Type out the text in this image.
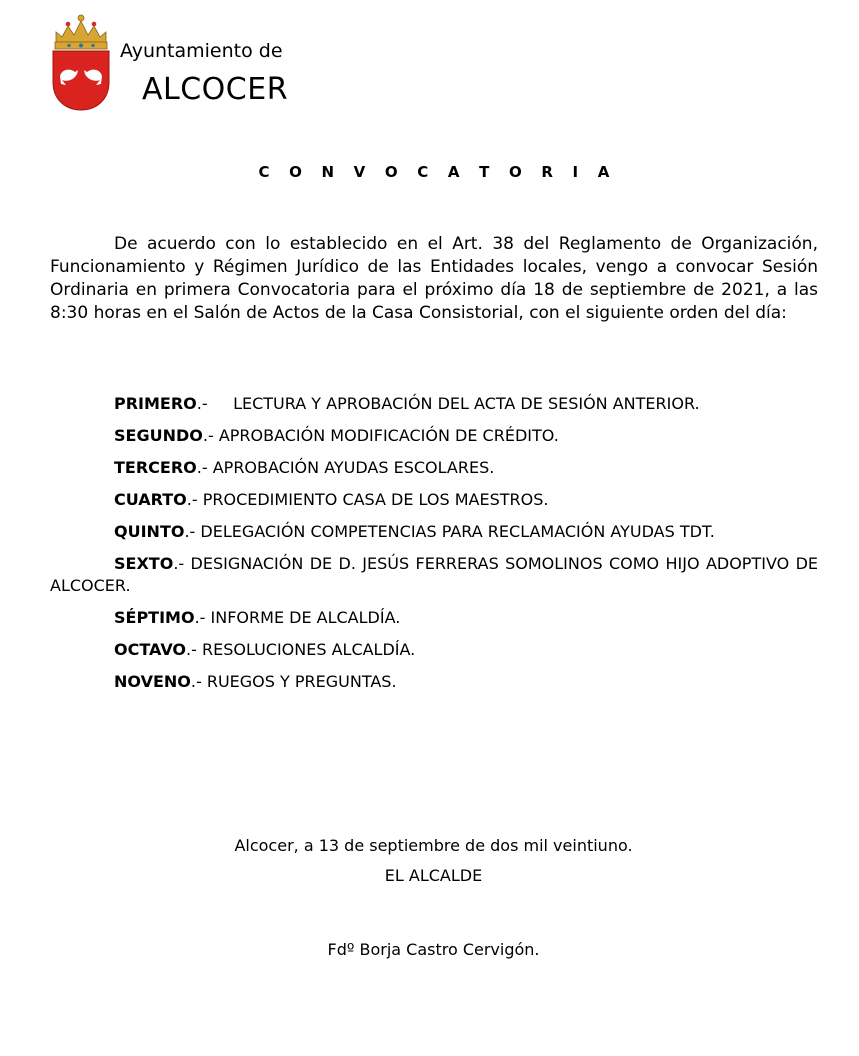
Ayuntamiento de
ALCOCER
C O N V O C A T O R I A
De acuerdo con lo establecido en el Art. 38 del Reglamento de Organización, Funcionamiento y Régimen Jurídico de las Entidades locales, vengo a convocar Sesión Ordinaria en primera Convocatoria para el próximo día 18 de septiembre de 2021, a las 8:30 horas en el Salón de Actos de la Casa Consistorial, con el siguiente orden del día:
PRIMERO.- LECTURA Y APROBACIÓN DEL ACTA DE SESIÓN ANTERIOR.
SEGUNDO.- APROBACIÓN MODIFICACIÓN DE CRÉDITO.
TERCERO.- APROBACIÓN AYUDAS ESCOLARES.
CUARTO.- PROCEDIMIENTO CASA DE LOS MAESTROS.
QUINTO.- DELEGACIÓN COMPETENCIAS PARA RECLAMACIÓN AYUDAS TDT.
SEXTO.- DESIGNACIÓN DE D. JESÚS FERRERAS SOMOLINOS COMO HIJO ADOPTIVO DE ALCOCER.
SÉPTIMO.- INFORME DE ALCALDÍA.
OCTAVO.- RESOLUCIONES ALCALDÍA.
NOVENO.- RUEGOS Y PREGUNTAS.
Alcocer, a 13 de septiembre de dos mil veintiuno.
EL ALCALDE
Fdº Borja Castro Cervigón.
